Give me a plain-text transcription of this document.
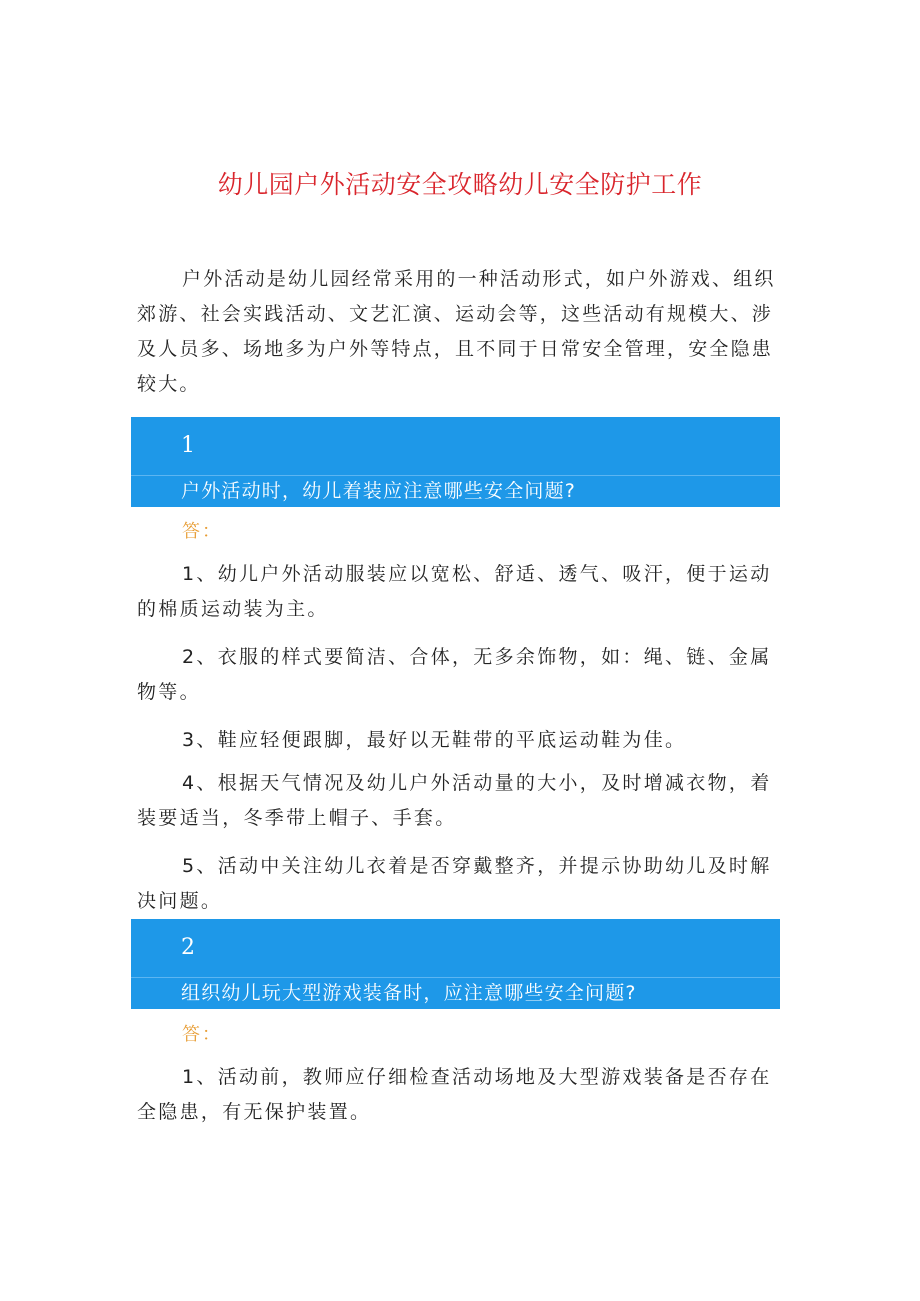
幼儿园户外活动安全攻略幼儿安全防护工作

户外活动是幼儿园经常采用的一种活动形式，如户外游戏、组织郊游、社会实践活动、文艺汇演、运动会等，这些活动有规模大、涉及人员多、场地多为户外等特点，且不同于日常安全管理，安全隐患较大。

1
户外活动时，幼儿着装应注意哪些安全问题?
答：

1、幼儿户外活动服装应以宽松、舒适、透气、吸汗，便于运动的棉质运动装为主。

2、衣服的样式要简洁、合体，无多余饰物，如：绳、链、金属物等。

3、鞋应轻便跟脚，最好以无鞋带的平底运动鞋为佳。

4、根据天气情况及幼儿户外活动量的大小，及时增减衣物，着装要适当，冬季带上帽子、手套。

5、活动中关注幼儿衣着是否穿戴整齐，并提示协助幼儿及时解决问题。

2
组织幼儿玩大型游戏装备时，应注意哪些安全问题?
答：

1、活动前，教师应仔细检查活动场地及大型游戏装备是否存在全隐患，有无保护装置。
